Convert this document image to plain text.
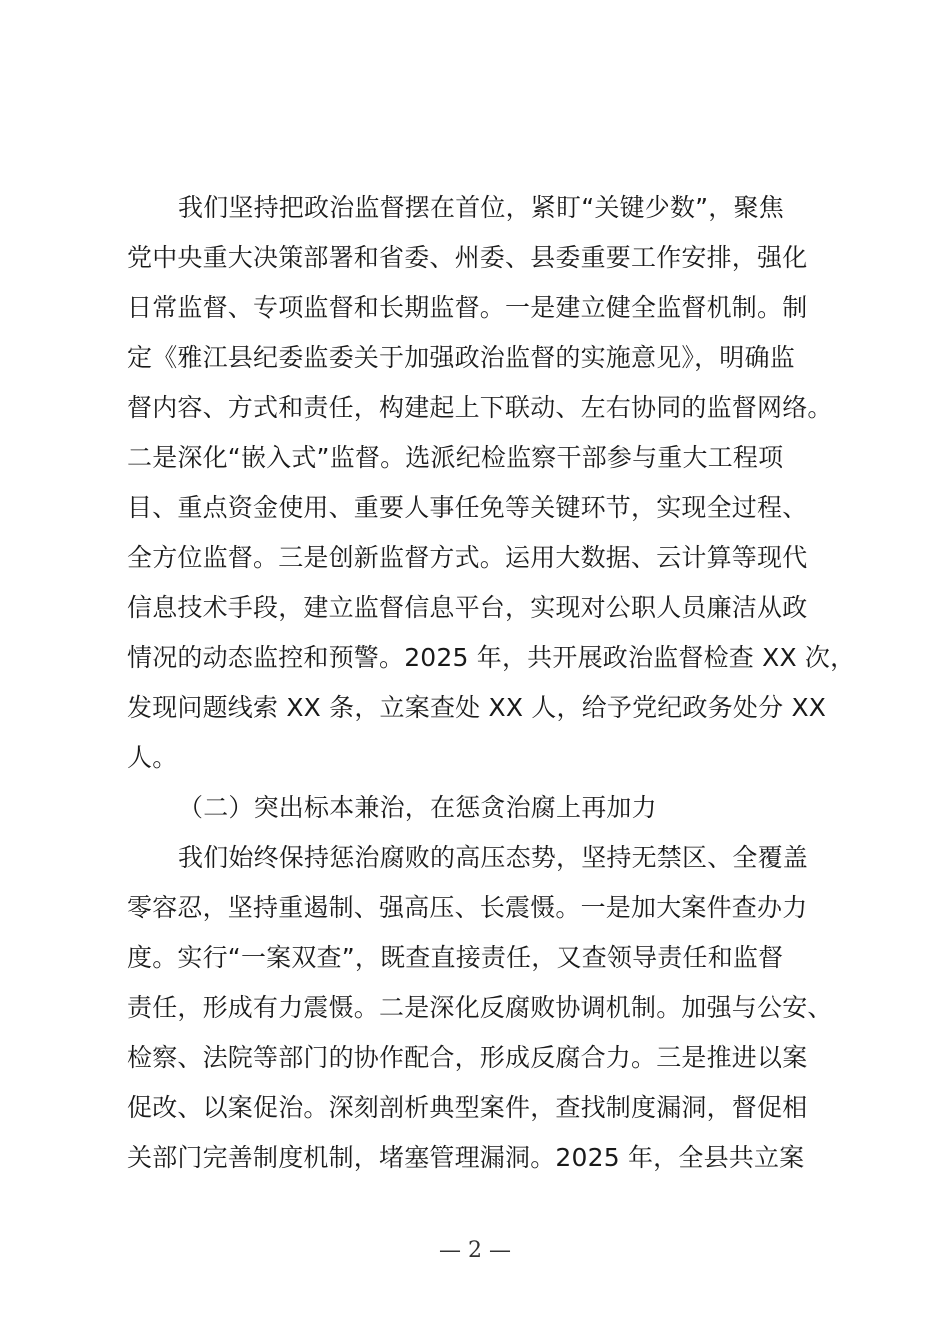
我们坚持把政治监督摆在首位，紧盯“关键少数”，聚焦
党中央重大决策部署和省委、州委、县委重要工作安排，强化
日常监督、专项监督和长期监督。一是建立健全监督机制。制
定《雅江县纪委监委关于加强政治监督的实施意见》，明确监
督内容、方式和责任，构建起上下联动、左右协同的监督网络。
二是深化“嵌入式”监督。选派纪检监察干部参与重大工程项
目、重点资金使用、重要人事任免等关键环节，实现全过程、
全方位监督。三是创新监督方式。运用大数据、云计算等现代
信息技术手段，建立监督信息平台，实现对公职人员廉洁从政
情况的动态监控和预警。2025 年，共开展政治监督检查 XX 次，
发现问题线索 XX 条，立案查处 XX 人，给予党纪政务处分 XX
人。
（二）突出标本兼治，在惩贪治腐上再加力
我们始终保持惩治腐败的高压态势，坚持无禁区、全覆盖
零容忍，坚持重遏制、强高压、长震慑。一是加大案件查办力
度。实行“一案双查”，既查直接责任，又查领导责任和监督
责任，形成有力震慑。二是深化反腐败协调机制。加强与公安、
检察、法院等部门的协作配合，形成反腐合力。三是推进以案
促改、以案促治。深刻剖析典型案件，查找制度漏洞，督促相
关部门完善制度机制，堵塞管理漏洞。2025 年，全县共立案
— 2 —
